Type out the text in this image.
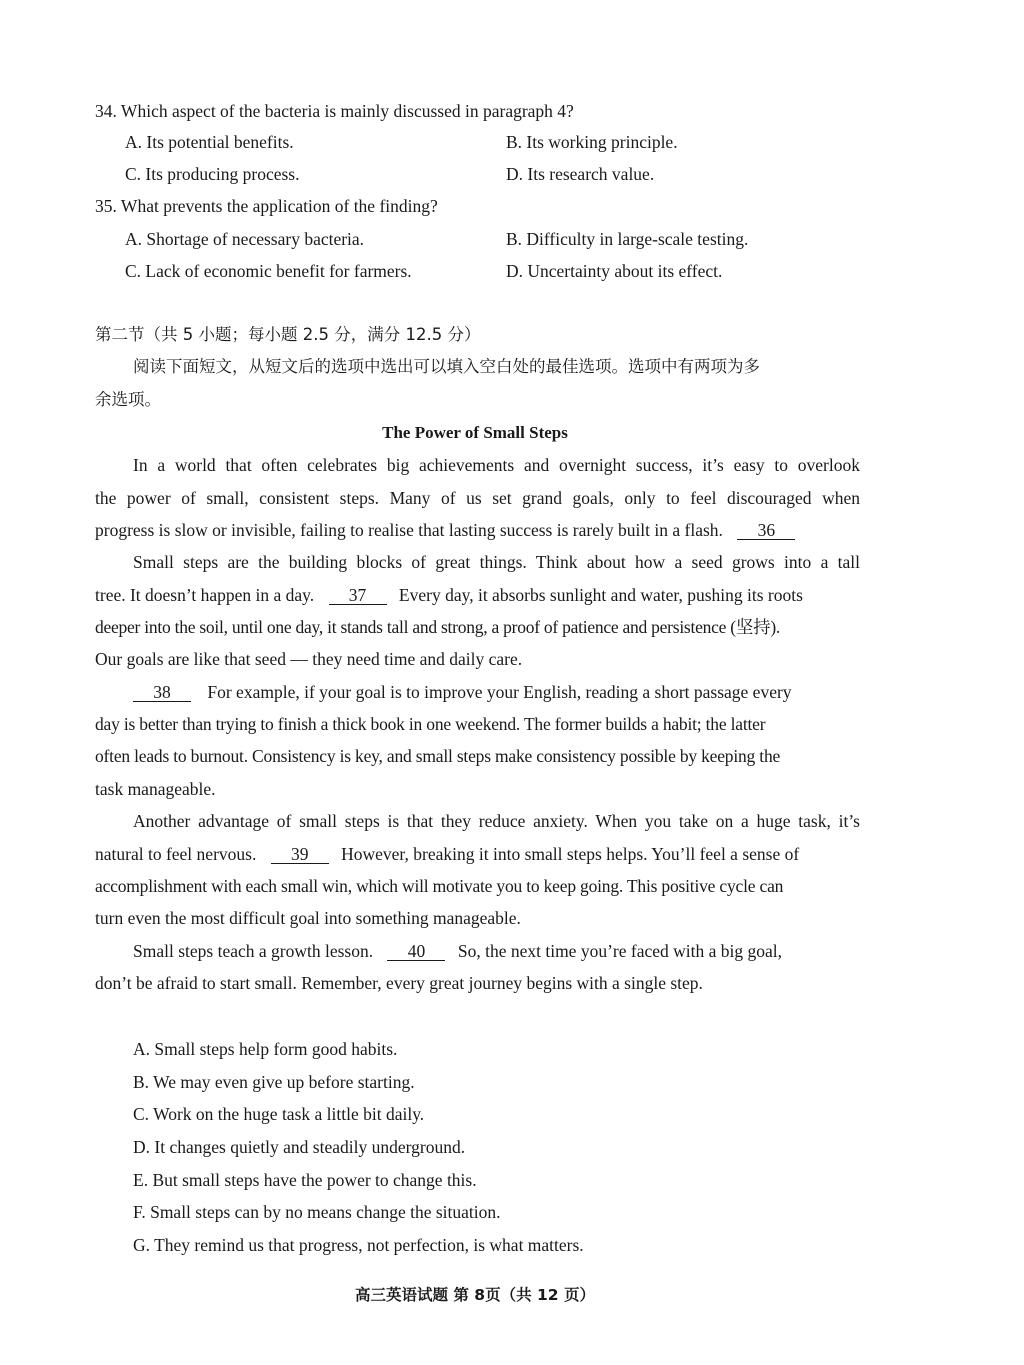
34. Which aspect of the bacteria is mainly discussed in paragraph 4?
A. Its potential benefits.	B. Its working principle.
C. Its producing process.	D. Its research value.
35. What prevents the application of the finding?
A. Shortage of necessary bacteria.	B. Difficulty in large-scale testing.
C. Lack of economic benefit for farmers.	D. Uncertainty about its effect.
第二节（共 5 小题；每小题 2.5 分，满分 12.5 分）
阅读下面短文，从短文后的选项中选出可以填入空白处的最佳选项。选项中有两项为多
余选项。
The Power of Small Steps
In a world that often celebrates big achievements and overnight success, it’s easy to overlook
the power of small, consistent steps. Many of us set grand goals, only to feel discouraged when
progress is slow or invisible, failing to realise that lasting success is rarely built in a flash. 36
Small steps are the building blocks of great things. Think about how a seed grows into a tall
tree. It doesn’t happen in a day. 37 Every day, it absorbs sunlight and water, pushing its roots
deeper into the soil, until one day, it stands tall and strong, a proof of patience and persistence (坚持).
Our goals are like that seed — they need time and daily care.
38 For example, if your goal is to improve your English, reading a short passage every
day is better than trying to finish a thick book in one weekend. The former builds a habit; the latter
often leads to burnout. Consistency is key, and small steps make consistency possible by keeping the
task manageable.
Another advantage of small steps is that they reduce anxiety. When you take on a huge task, it’s
natural to feel nervous. 39 However, breaking it into small steps helps. You’ll feel a sense of
accomplishment with each small win, which will motivate you to keep going. This positive cycle can
turn even the most difficult goal into something manageable.
Small steps teach a growth lesson. 40 So, the next time you’re faced with a big goal,
don’t be afraid to start small. Remember, every great journey begins with a single step.
A. Small steps help form good habits.
B. We may even give up before starting.
C. Work on the huge task a little bit daily.
D. It changes quietly and steadily underground.
E. But small steps have the power to change this.
F. Small steps can by no means change the situation.
G. They remind us that progress, not perfection, is what matters.
高三英语试题 第 8页（共 12 页）
